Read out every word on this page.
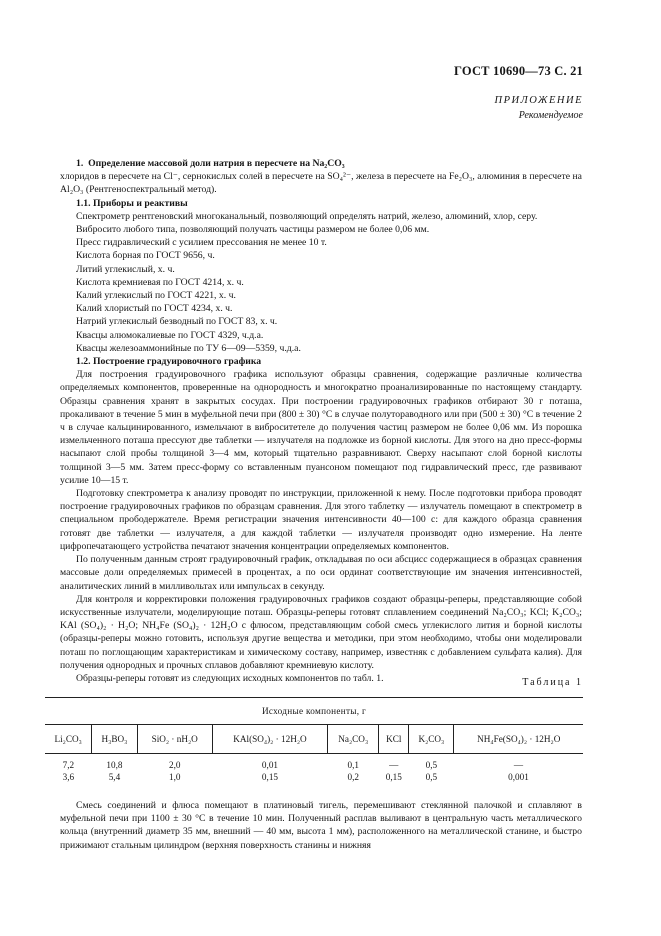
ГОСТ 10690—73 С. 21
ПРИЛОЖЕНИЕ
Рекомендуемое

1. Определение массовой доли натрия в пересчете на Na₂CO₃

хлоридов в пересчете на Cl⁻, сернокислых солей в пересчете на SO₄²⁻, железа в пересчете на Fe₂O₃, алюминия в пересчете на Al₂O₃ (Рентгеноспектральный метод).

1.1. Приборы и реактивы

Спектрометр рентгеновский многоканальный, позволяющий определять натрий, железо, алюминий, хлор, серу.

Вибросито любого типа, позволяющий получать частицы размером не более 0,06 мм.

Пресс гидравлический с усилием прессования не менее 10 т.

Кислота борная по ГОСТ 9656, ч.

Литий углекислый, х. ч.

Кислота кремниевая по ГОСТ 4214, х. ч.

Калий углекислый по ГОСТ 4221, х. ч.

Калий хлористый по ГОСТ 4234, х. ч.

Натрий углекислый безводный по ГОСТ 83, х. ч.

Квасцы алюмокалиевые по ГОСТ 4329, ч.д.а.

Квасцы железоаммонийные по ТУ 6—09—5359, ч.д.а.

1.2. Построение градуировочного графика

Для построения градуировочного графика используют образцы сравнения, содержащие различные количества определяемых компонентов, проверенные на однородность и многократно проанализированные по настоящему стандарту. Образцы сравнения хранят в закрытых сосудах. При построении градуировочных графиков отбирают 30 г поташа, прокаливают в течение 5 мин в муфельной печи при (800 ± 30) °С в случае полутораводного или при (500 ± 30) °С в течение 2 ч в случае кальцинированного, измельчают в виброситетеле до получения частиц размером не более 0,06 мм. Из порошка измельченного поташа прессуют две таблетки — излучателя на подложке из борной кислоты. Для этого на дно пресс-формы насыпают слой пробы толщиной 3—4 мм, который тщательно разравнивают. Сверху насыпают слой борной кислоты толщиной 3—5 мм. Затем пресс-форму со вставленным пуансоном помещают под гидравлический пресс, где развивают усилие 10—15 т.

Подготовку спектрометра к анализу проводят по инструкции, приложенной к нему. После подготовки прибора проводят построение градуировочных графиков по образцам сравнения. Для этого таблетку — излучатель помещают в спектрометр в специальном прободержателе. Время регистрации значения интенсивности 40—100 с: для каждого образца сравнения готовят две таблетки — излучателя, а для каждой таблетки — излучателя производят одно измерение. На ленте цифропечатающего устройства печатают значения концентрации определяемых компонентов.

По полученным данным строят градуировочный график, откладывая по оси абсцисс содержащиеся в образцах сравнения массовые доли определяемых примесей в процентах, а по оси ординат соответствующие им значения интенсивностей, аналитических линий в милливольтах или импульсах в секунду.

Для контроля и корректировки положения градуировочных графиков создают образцы-реперы, представляющие собой искусственные излучатели, моделирующие поташ. Образцы-реперы готовят сплавлением соединений Na₂CO₃; KCl; K₂CO₃; KAl (SO₄)₂ · H₂O; NH₄Fe (SO₄)₂ · 12H₂O с флюсом, представляющим собой смесь углекислого лития и борной кислоты (образцы-реперы можно готовить, используя другие вещества и методики, при этом необходимо, чтобы они моделировали поташ по поглощающим характеристикам и химическому составу, например, известняк с добавлением сульфата калия). Для получения однородных и прочных сплавов добавляют кремниевую кислоту.

Образцы-реперы готовят из следующих исходных компонентов по табл. 1.	Таблица 1
Исходные компоненты, г							
Li₂CO₃	H₃BO₃	SiO₂ · nH₂O	KAl(SO₄)₂ · 12H₂O	Na₂CO₃	KCl	K₂CO₃	NH₄Fe(SO₄)₂ · 12H₂O
7,2	10,8	2,0	0,01	0,1	—	0,5	—
3,6	5,4	1,0	0,15	0,2	0,15	0,5	0,001

Смесь соединений и флюса помещают в платиновый тигель, перемешивают стеклянной палочкой и сплавляют в муфельной печи при 1100 ± 30 °С в течение 10 мин. Полученный расплав выливают в центральную часть металлического кольца (внутренний диаметр 35 мм, внешний — 40 мм, высота 1 мм), расположенного на металлической станине, и быстро прижимают стальным цилиндром (верхняя поверхность станины и нижняя
